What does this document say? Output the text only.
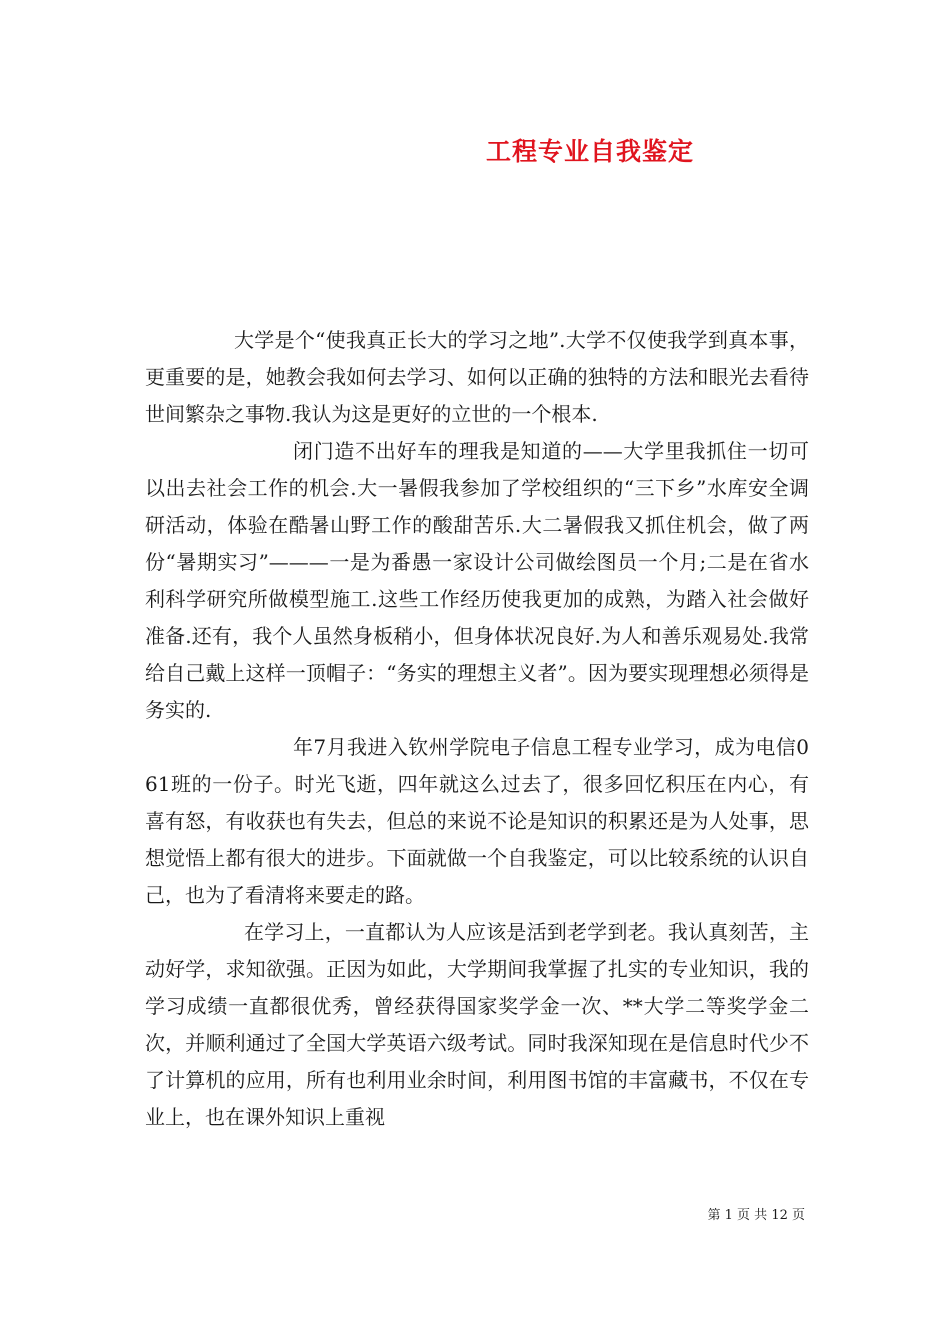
工程专业自我鉴定

大学是个“使我真正长大的学习之地”.大学不仅使我学到真本事，更重要的是，她教会我如何去学习、如何以正确的独特的方法和眼光去看待世间繁杂之事物.我认为这是更好的立世的一个根本.

闭门造不出好车的理我是知道的——大学里我抓住一切可以出去社会工作的机会.大一暑假我参加了学校组织的“三下乡”水库安全调研活动，体验在酷暑山野工作的酸甜苦乐.大二暑假我又抓住机会，做了两份“暑期实习”———一是为番愚一家设计公司做绘图员一个月;二是在省水利科学研究所做模型施工.这些工作经历使我更加的成熟，为踏入社会做好准备.还有，我个人虽然身板稍小，但身体状况良好.为人和善乐观易处.我常给自己戴上这样一顶帽子：“务实的理想主义者”。因为要实现理想必须得是务实的.

年7月我进入钦州学院电子信息工程专业学习，成为电信061班的一份子。时光飞逝，四年就这么过去了，很多回忆积压在内心，有喜有怒，有收获也有失去，但总的来说不论是知识的积累还是为人处事，思想觉悟上都有很大的进步。下面就做一个自我鉴定，可以比较系统的认识自己，也为了看清将来要走的路。

在学习上，一直都认为人应该是活到老学到老。我认真刻苦，主动好学，求知欲强。正因为如此，大学期间我掌握了扎实的专业知识，我的学习成绩一直都很优秀，曾经获得国家奖学金一次、**大学二等奖学金二次，并顺利通过了全国大学英语六级考试。同时我深知现在是信息时代少不了计算机的应用，所有也利用业余时间，利用图书馆的丰富藏书，不仅在专业上，也在课外知识上重视

第 1 页 共 12 页
